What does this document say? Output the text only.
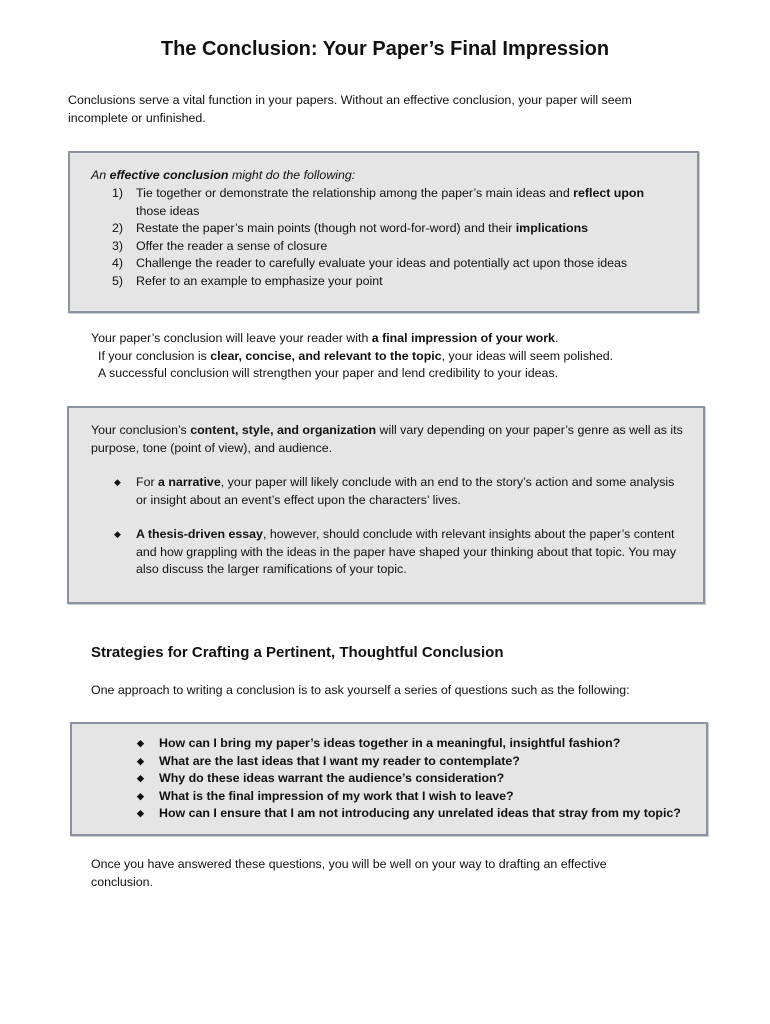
The Conclusion: Your Paper’s Final Impression
Conclusions serve a vital function in your papers. Without an effective conclusion, your paper will seem incomplete or unfinished.
An effective conclusion might do the following:
1)	Tie together or demonstrate the relationship among the paper’s main ideas and reflect upon those ideas
2)	Restate the paper’s main points (though not word-for-word) and their implications
3)	Offer the reader a sense of closure
4)	Challenge the reader to carefully evaluate your ideas and potentially act upon those ideas
5)	Refer to an example to emphasize your point
Your paper’s conclusion will leave your reader with a final impression of your work.
If your conclusion is clear, concise, and relevant to the topic, your ideas will seem polished.
A successful conclusion will strengthen your paper and lend credibility to your ideas.
Your conclusion’s content, style, and organization will vary depending on your paper’s genre as well as its purpose, tone (point of view), and audience.
◆	For a narrative, your paper will likely conclude with an end to the story’s action and some analysis or insight about an event’s effect upon the characters’ lives.
◆	A thesis-driven essay, however, should conclude with relevant insights about the paper’s content and how grappling with the ideas in the paper have shaped your thinking about that topic. You may also discuss the larger ramifications of your topic.
Strategies for Crafting a Pertinent, Thoughtful Conclusion
One approach to writing a conclusion is to ask yourself a series of questions such as the following:
◆	How can I bring my paper’s ideas together in a meaningful, insightful fashion?
◆	What are the last ideas that I want my reader to contemplate?
◆	Why do these ideas warrant the audience’s consideration?
◆	What is the final impression of my work that I wish to leave?
◆	How can I ensure that I am not introducing any unrelated ideas that stray from my topic?
Once you have answered these questions, you will be well on your way to drafting an effective conclusion.
